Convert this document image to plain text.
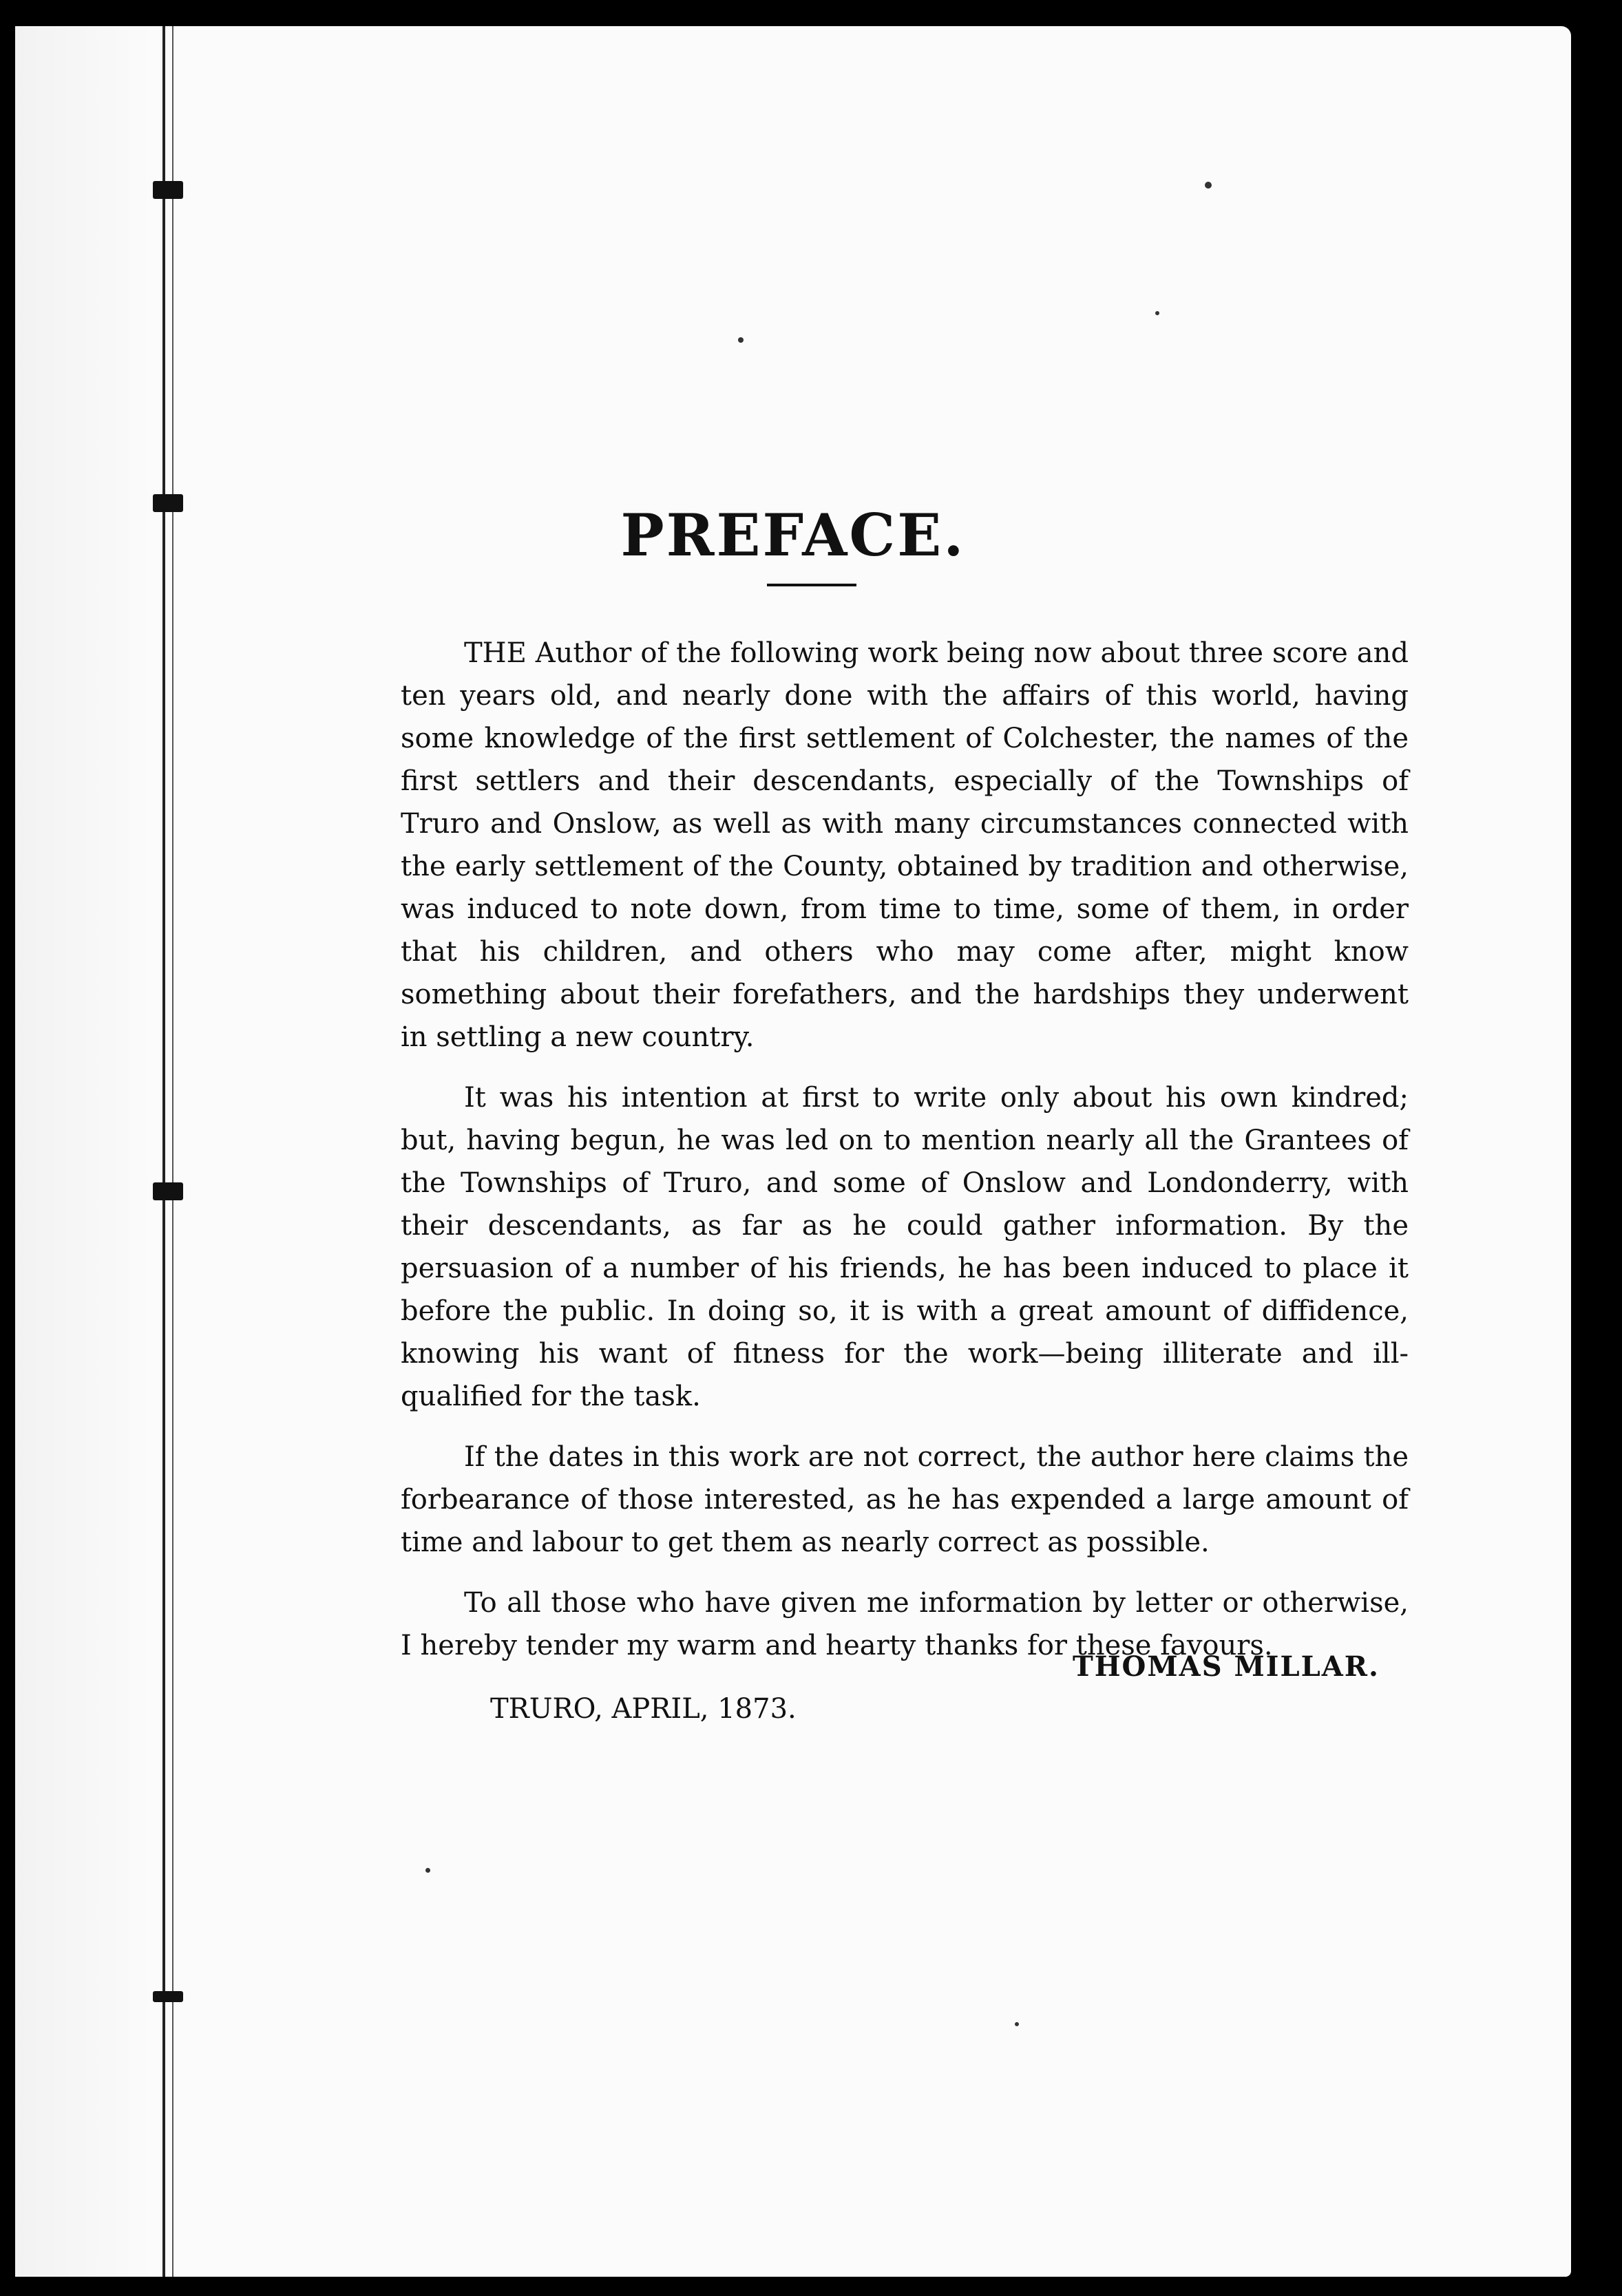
PREFACE.

THE Author of the following work being now about three score and ten years old, and nearly done with the affairs of this world, having some knowledge of the first settlement of Colchester, the names of the first settlers and their descendants, especially of the Townships of Truro and Onslow, as well as with many circumstances connected with the early settlement of the County, obtained by tradition and otherwise, was induced to note down, from time to time, some of them, in order that his children, and others who may come after, might know something about their forefathers, and the hardships they underwent in settling a new country.

It was his intention at first to write only about his own kindred; but, having begun, he was led on to mention nearly all the Grantees of the Townships of Truro, and some of Onslow and Londonderry, with their descendants, as far as he could gather information. By the persuasion of a number of his friends, he has been induced to place it before the public. In doing so, it is with a great amount of diffidence, knowing his want of fitness for the work—being illiterate and ill-qualified for the task.

If the dates in this work are not correct, the author here claims the forbearance of those interested, as he has expended a large amount of time and labour to get them as nearly correct as possible.

To all those who have given me information by letter or otherwise, I hereby tender my warm and hearty thanks for these favours.

THOMAS MILLAR.
TRURO, APRIL, 1873.
